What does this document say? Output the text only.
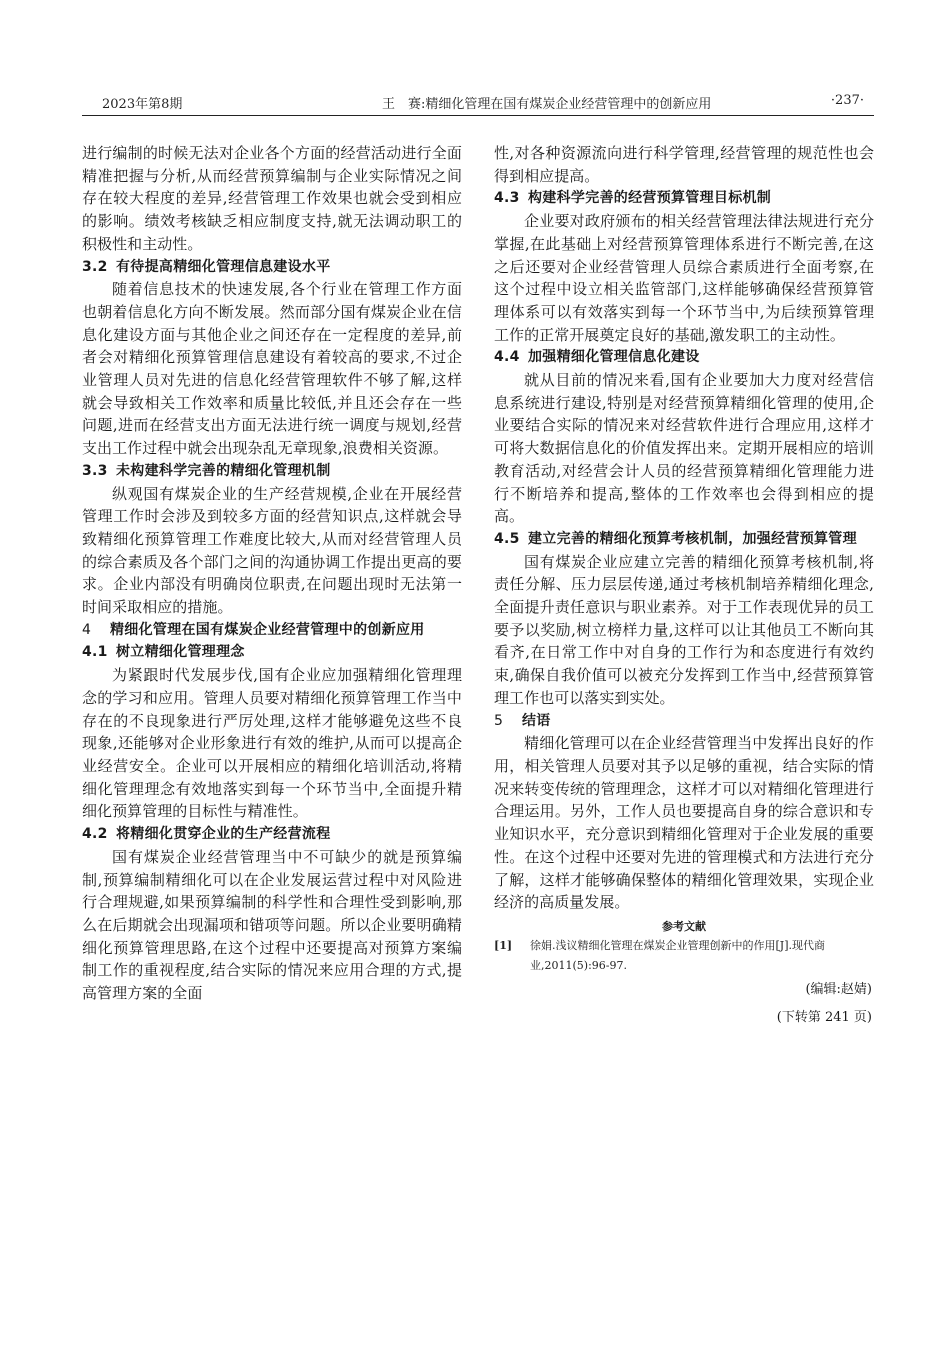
2023年第8期	王　赛:精细化管理在国有煤炭企业经营管理中的创新应用	·237·

进行编制的时候无法对企业各个方面的经营活动进行全面精准把握与分析,从而经营预算编制与企业实际情况之间存在较大程度的差异,经营管理工作效果也就会受到相应的影响。绩效考核缺乏相应制度支持,就无法调动职工的积极性和主动性。

3.2 有待提高精细化管理信息建设水平

随着信息技术的快速发展,各个行业在管理工作方面也朝着信息化方向不断发展。然而部分国有煤炭企业在信息化建设方面与其他企业之间还存在一定程度的差异,前者会对精细化预算管理信息建设有着较高的要求,不过企业管理人员对先进的信息化经营管理软件不够了解,这样就会导致相关工作效率和质量比较低,并且还会存在一些问题,进而在经营支出方面无法进行统一调度与规划,经营支出工作过程中就会出现杂乱无章现象,浪费相关资源。

3.3 未构建科学完善的精细化管理机制

纵观国有煤炭企业的生产经营规模,企业在开展经营管理工作时会涉及到较多方面的经营知识点,这样就会导致精细化预算管理工作难度比较大,从而对经营管理人员的综合素质及各个部门之间的沟通协调工作提出更高的要求。企业内部没有明确岗位职责,在问题出现时无法第一时间采取相应的措施。

4 精细化管理在国有煤炭企业经营管理中的创新应用
4.1 树立精细化管理理念

为紧跟时代发展步伐,国有企业应加强精细化管理理念的学习和应用。管理人员要对精细化预算管理工作当中存在的不良现象进行严厉处理,这样才能够避免这些不良现象,还能够对企业形象进行有效的维护,从而可以提高企业经营安全。企业可以开展相应的精细化培训活动,将精细化管理理念有效地落实到每一个环节当中,全面提升精细化预算管理的目标性与精准性。

4.2 将精细化贯穿企业的生产经营流程

国有煤炭企业经营管理当中不可缺少的就是预算编制,预算编制精细化可以在企业发展运营过程中对风险进行合理规避,如果预算编制的科学性和合理性受到影响,那么在后期就会出现漏项和错项等问题。所以企业要明确精细化预算管理思路,在这个过程中还要提高对预算方案编制工作的重视程度,结合实际的情况来应用合理的方式,提高管理方案的全面

性,对各种资源流向进行科学管理,经营管理的规范性也会得到相应提高。

4.3 构建科学完善的经营预算管理目标机制

企业要对政府颁布的相关经营管理法律法规进行充分掌握,在此基础上对经营预算管理体系进行不断完善,在这之后还要对企业经营管理人员综合素质进行全面考察,在这个过程中设立相关监管部门,这样能够确保经营预算管理体系可以有效落实到每一个环节当中,为后续预算管理工作的正常开展奠定良好的基础,激发职工的主动性。

4.4 加强精细化管理信息化建设

就从目前的情况来看,国有企业要加大力度对经营信息系统进行建设,特别是对经营预算精细化管理的使用,企业要结合实际的情况来对经营软件进行合理应用,这样才可将大数据信息化的价值发挥出来。定期开展相应的培训教育活动,对经营会计人员的经营预算精细化管理能力进行不断培养和提高,整体的工作效率也会得到相应的提高。

4.5 建立完善的精细化预算考核机制，加强经营预算管理

国有煤炭企业应建立完善的精细化预算考核机制,将责任分解、压力层层传递,通过考核机制培养精细化理念,全面提升责任意识与职业素养。对于工作表现优异的员工要予以奖励,树立榜样力量,这样可以让其他员工不断向其看齐,在日常工作中对自身的工作行为和态度进行有效约束,确保自我价值可以被充分发挥到工作当中,经营预算管理工作也可以落实到实处。

5 结语

精细化管理可以在企业经营管理当中发挥出良好的作用，相关管理人员要对其予以足够的重视，结合实际的情况来转变传统的管理理念，这样才可以对精细化管理进行合理运用。另外，工作人员也要提高自身的综合意识和专业知识水平，充分意识到精细化管理对于企业发展的重要性。在这个过程中还要对先进的管理模式和方法进行充分了解，这样才能够确保整体的精细化管理效果，实现企业经济的高质量发展。

参考文献
[1] 徐娟.浅议精细化管理在煤炭企业管理创新中的作用[J].现代商业,2011(5):96-97.
(编辑:赵婧)
(下转第 241 页)
